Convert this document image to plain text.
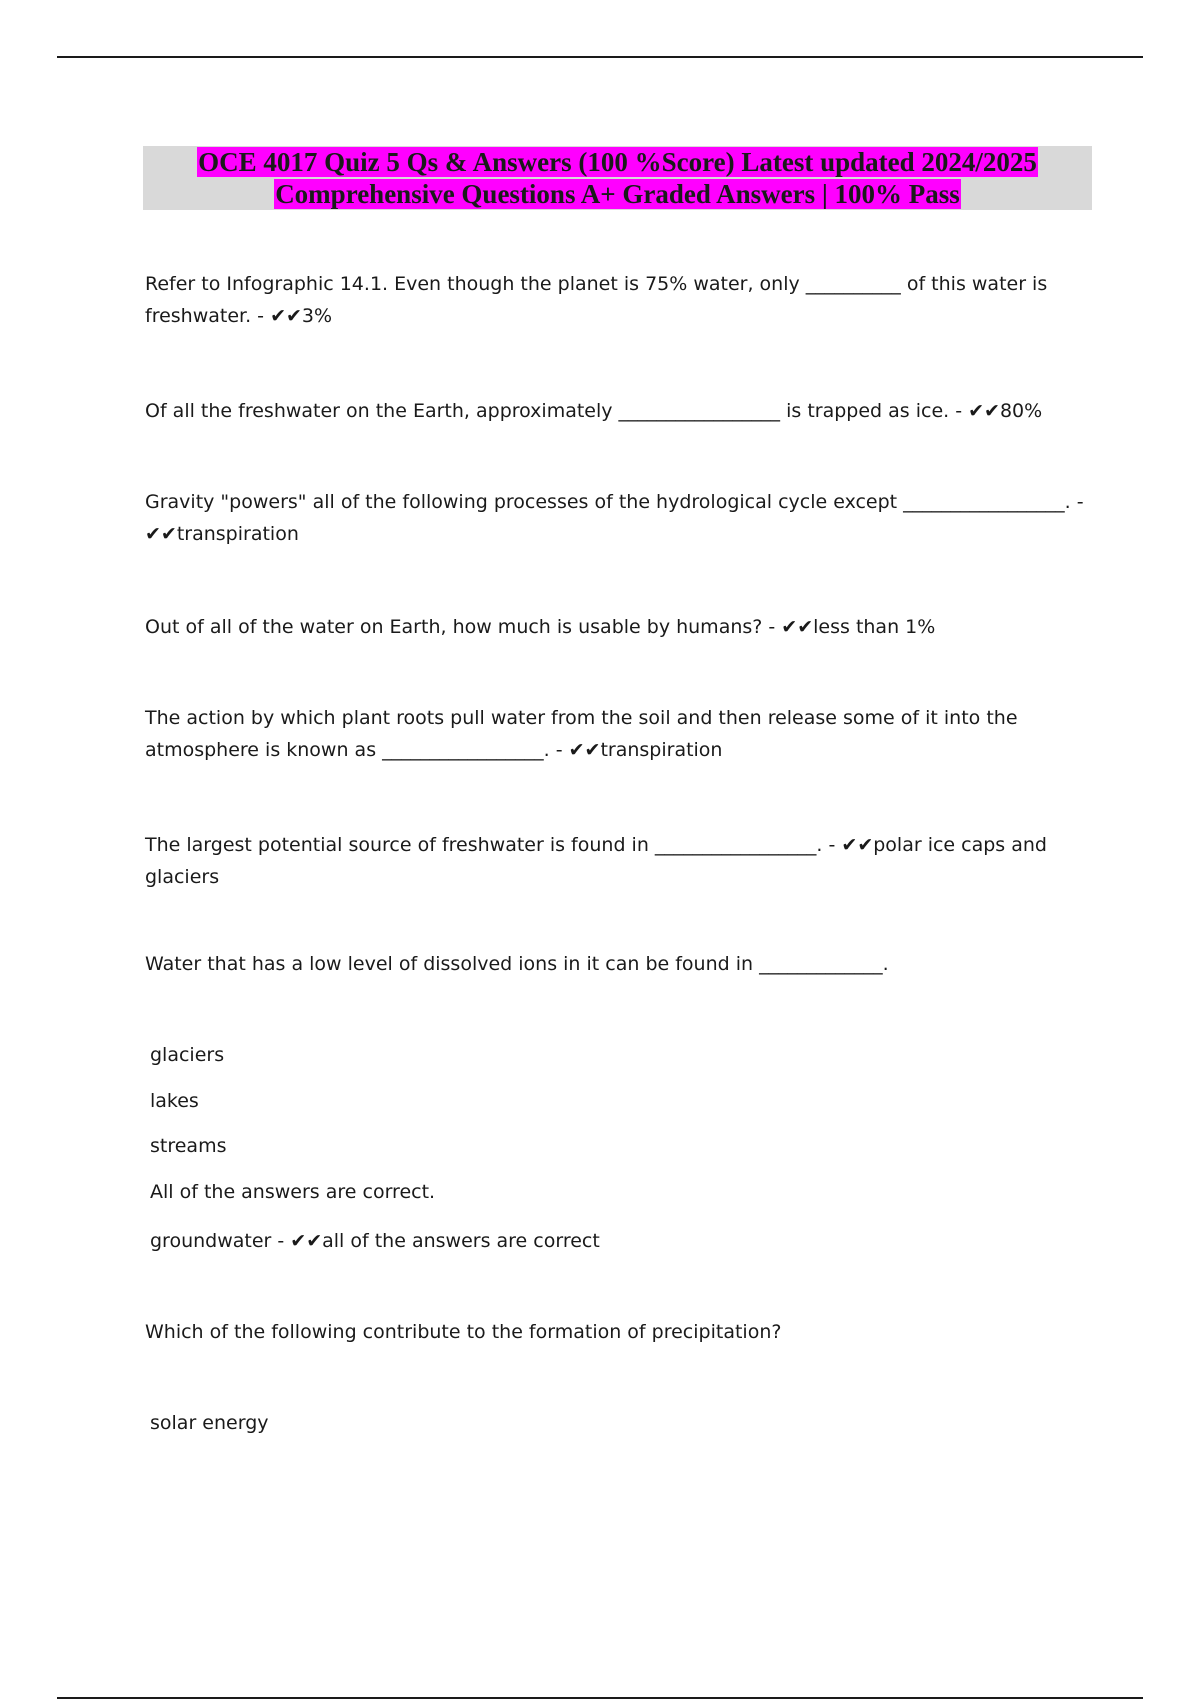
OCE 4017 Quiz 5 Qs & Answers (100 %Score) Latest updated 2024/2025
Comprehensive Questions A+ Graded Answers | 100% Pass

Refer to Infographic 14.1. Even though the planet is 75% water, only __________ of this water is freshwater. - ✔✔3%

Of all the freshwater on the Earth, approximately _________________ is trapped as ice. - ✔✔80%

Gravity "powers" all of the following processes of the hydrological cycle except _________________. - ✔✔transpiration

Out of all of the water on Earth, how much is usable by humans? - ✔✔less than 1%

The action by which plant roots pull water from the soil and then release some of it into the atmosphere is known as _________________. - ✔✔transpiration

The largest potential source of freshwater is found in _________________. - ✔✔polar ice caps and glaciers

Water that has a low level of dissolved ions in it can be found in _____________.

glaciers

lakes

streams

All of the answers are correct.

groundwater - ✔✔all of the answers are correct

Which of the following contribute to the formation of precipitation?

solar energy
